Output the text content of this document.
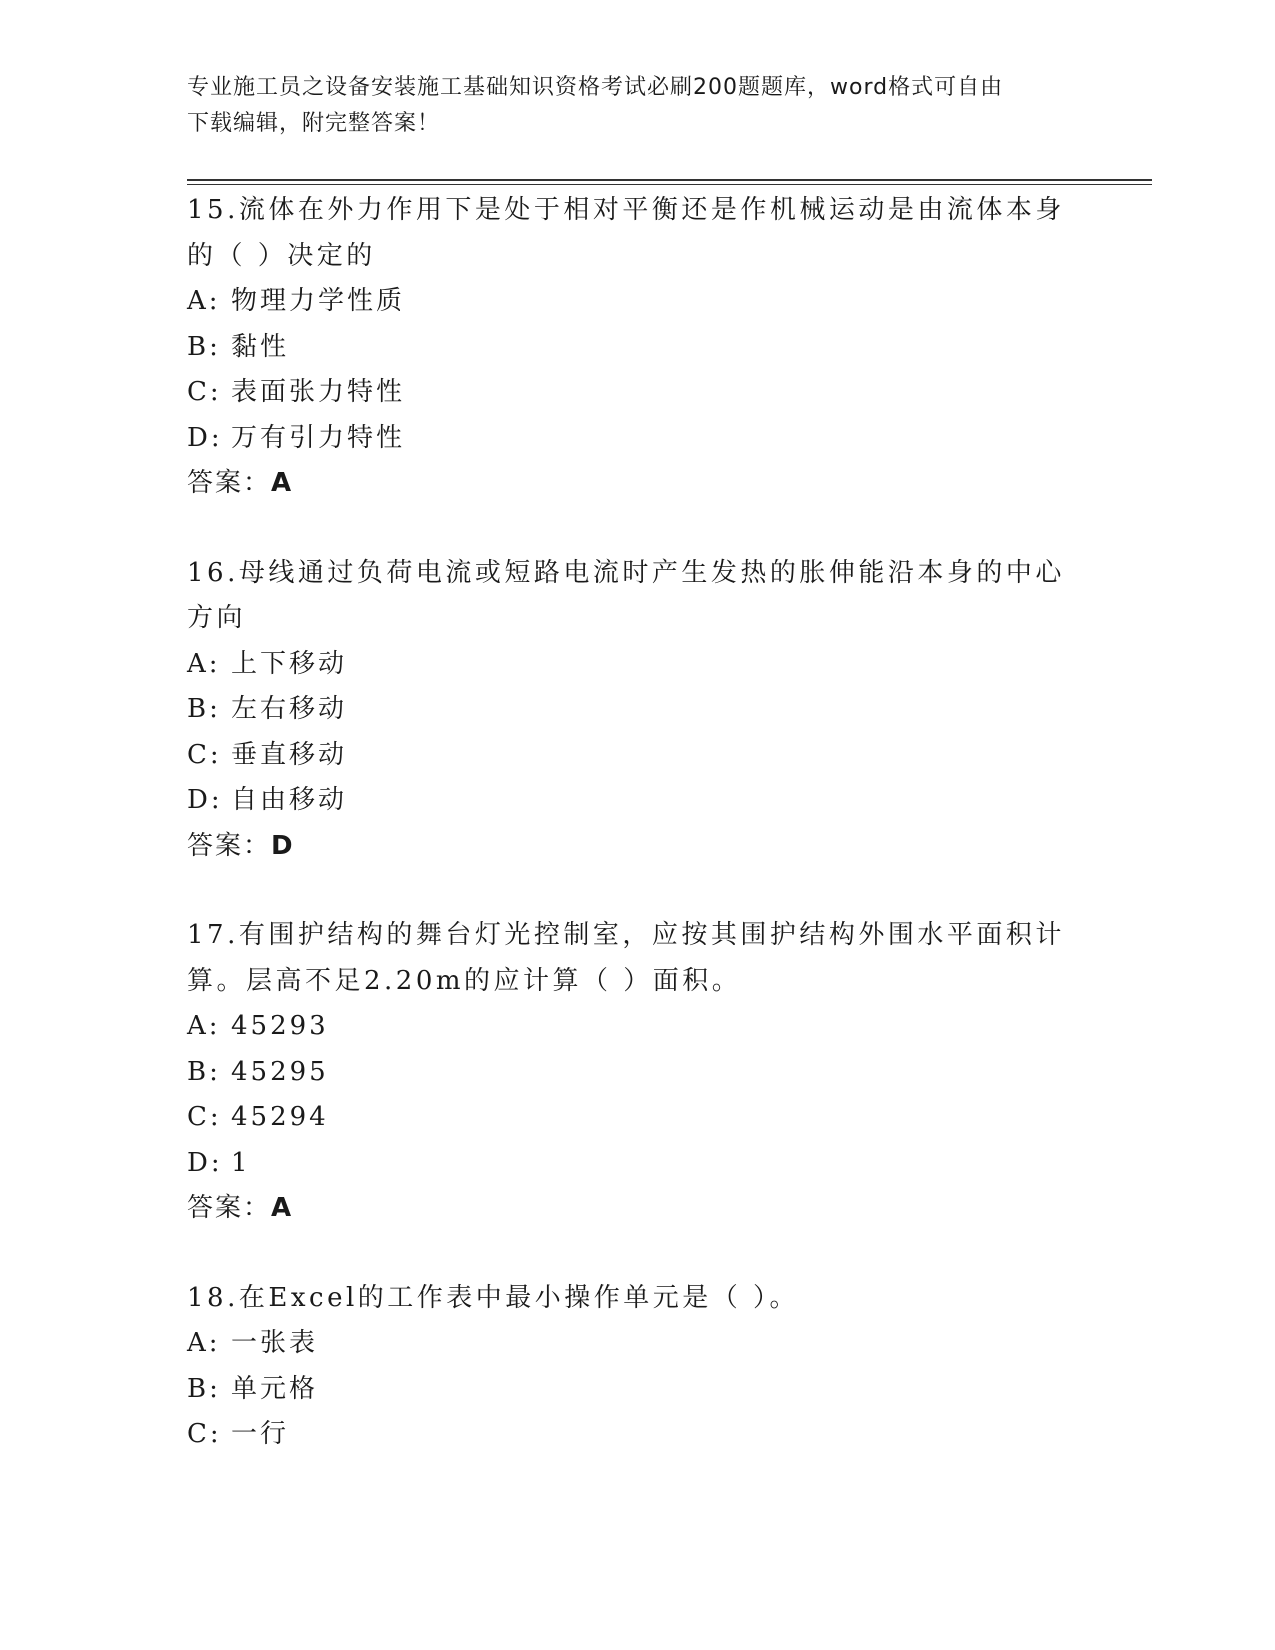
专业施工员之设备安装施工基础知识资格考试必刷200题题库，word格式可自由
下载编辑，附完整答案！
15.流体在外力作用下是处于相对平衡还是作机械运动是由流体本身的（ ）决定的
A: 物理力学性质
B: 黏性
C: 表面张力特性
D: 万有引力特性
答案：A
16.母线通过负荷电流或短路电流时产生发热的胀伸能沿本身的中心方向
A: 上下移动
B: 左右移动
C: 垂直移动
D: 自由移动
答案：D
17.有围护结构的舞台灯光控制室，应按其围护结构外围水平面积计算。层高不足2.20m的应计算（ ）面积。
A: 45293
B: 45295
C: 45294
D: 1
答案：A
18.在Excel的工作表中最小操作单元是（ ）。
A: 一张表
B: 单元格
C: 一行
